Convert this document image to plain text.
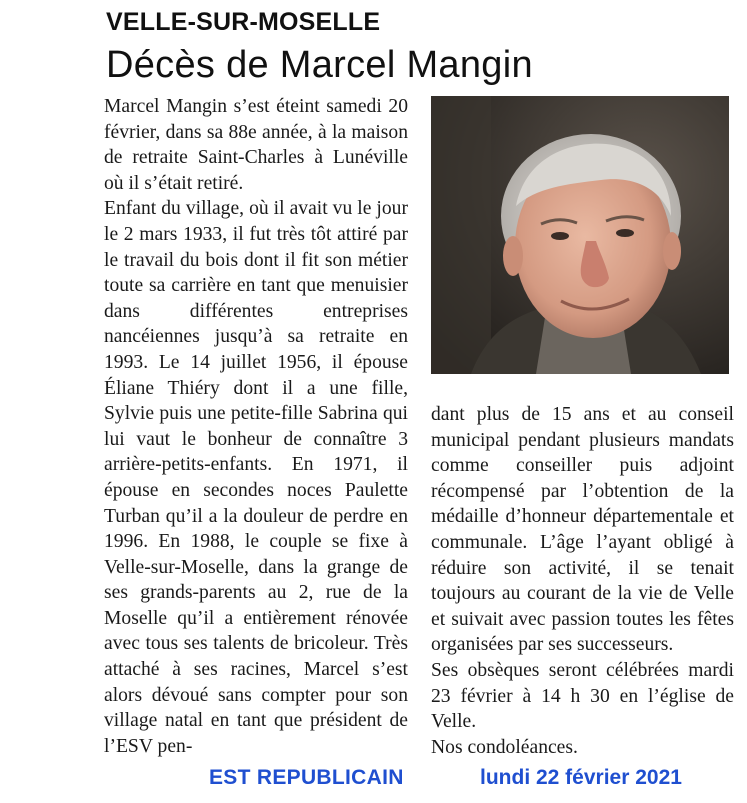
VELLE-SUR-MOSELLE
Décès de Marcel Mangin

Marcel Mangin s’est éteint samedi 20 février, dans sa 88e année, à la maison de retraite Saint-Charles à Lunéville où il s’était retiré.

Enfant du village, où il avait vu le jour le 2 mars 1933, il fut très tôt attiré par le travail du bois dont il fit son métier toute sa carrière en tant que menuisier dans différentes entreprises nancéiennes jusqu’à sa retraite en 1993. Le 14 juillet 1956, il épouse Éliane Thiéry dont il a une fille, Sylvie puis une petite-fille Sabrina qui lui vaut le bonheur de connaître 3 arrière-petits-enfants. En 1971, il épouse en secondes noces Paulette Turban qu’il a la douleur de perdre en 1996. En 1988, le couple se fixe à Velle-sur-Moselle, dans la grange de ses grands-parents au 2, rue de la Moselle qu’il a entièrement rénovée avec tous ses talents de bricoleur. Très attaché à ses racines, Marcel s’est alors dévoué sans compter pour son village natal en tant que président de l’ESV pen-

dant plus de 15 ans et au conseil municipal pendant plusieurs mandats comme conseiller puis adjoint récompensé par l’obtention de la médaille d’honneur départementale et communale. L’âge l’ayant obligé à réduire son activité, il se tenait toujours au courant de la vie de Velle et suivait avec passion toutes les fêtes organisées par ses successeurs.

Ses obsèques seront célébrées mardi 23 février à 14 h 30 en l’église de Velle.

Nos condoléances.

EST REPUBLICAIN	lundi 22 février 2021
